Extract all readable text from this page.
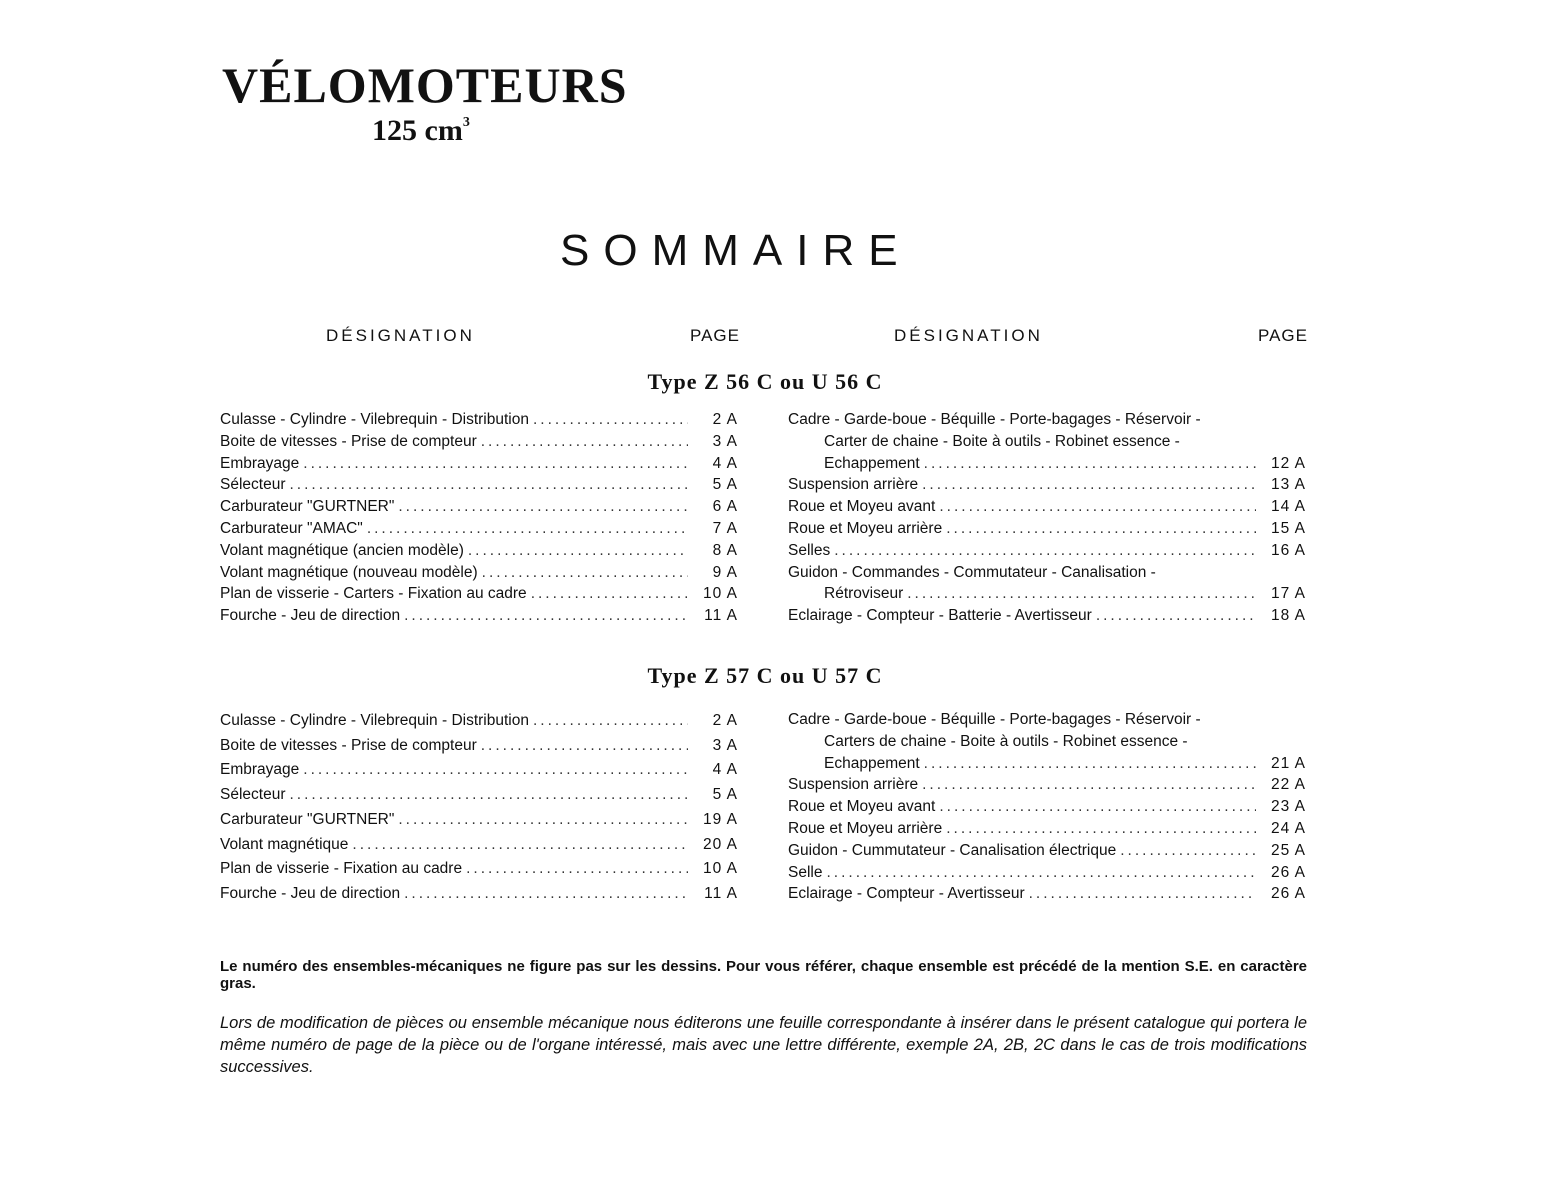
VÉLOMOTEURS
125 $cm^3$
SOMMAIRE
DÉSIGNATION	PAGE	DÉSIGNATION	PAGE
Type Z 56 C ou U 56 C
Culasse - Cylindre - Vilebrequin - Distribution .....	2 A
Boite de vitesses - Prise de compteur .....	3 A
Embrayage .....	4 A
Sélecteur .....	5 A
Carburateur "GURTNER" .....	6 A
Carburateur "AMAC" .....	7 A
Volant magnétique (ancien modèle) .....	8 A
Volant magnétique (nouveau modèle) .....	9 A
Plan de visserie - Carters - Fixation au cadre .....	10 A
Fourche - Jeu de direction .....	11 A
Cadre - Garde-boue - Béquille - Porte-bagages - Réservoir -
Carter de chaine - Boite à outils - Robinet essence -
Echappement .....	12 A
Suspension arrière .....	13 A
Roue et Moyeu avant .....	14 A
Roue et Moyeu arrière .....	15 A
Selles .....	16 A
Guidon - Commandes - Commutateur - Canalisation -
Rétroviseur .....	17 A
Eclairage - Compteur - Batterie - Avertisseur .....	18 A
Type Z 57 C ou U 57 C
Culasse - Cylindre - Vilebrequin - Distribution .....	2 A
Boite de vitesses - Prise de compteur .....	3 A
Embrayage .....	4 A
Sélecteur .....	5 A
Carburateur "GURTNER" .....	19 A
Volant magnétique .....	20 A
Plan de visserie - Fixation au cadre .....	10 A
Fourche - Jeu de direction .....	11 A
Cadre - Garde-boue - Béquille - Porte-bagages - Réservoir -
Carters de chaine - Boite à outils - Robinet essence -
Echappement .....	21 A
Suspension arrière .....	22 A
Roue et Moyeu avant .....	23 A
Roue et Moyeu arrière .....	24 A
Guidon - Cummutateur - Canalisation électrique .....	25 A
Selle .....	26 A
Eclairage - Compteur - Avertisseur .....	26 A
Le numéro des ensembles-mécaniques ne figure pas sur les dessins. Pour vous référer, chaque ensemble est précédé de la mention S.E. en caractère gras.
Lors de modification de pièces ou ensemble mécanique nous éditerons une feuille correspondante à insérer dans le présent catalogue qui portera le même numéro de page de la pièce ou de l'organe intéressé, mais avec une lettre différente, exemple 2A, 2B, 2C dans le cas de trois modifications successives.
